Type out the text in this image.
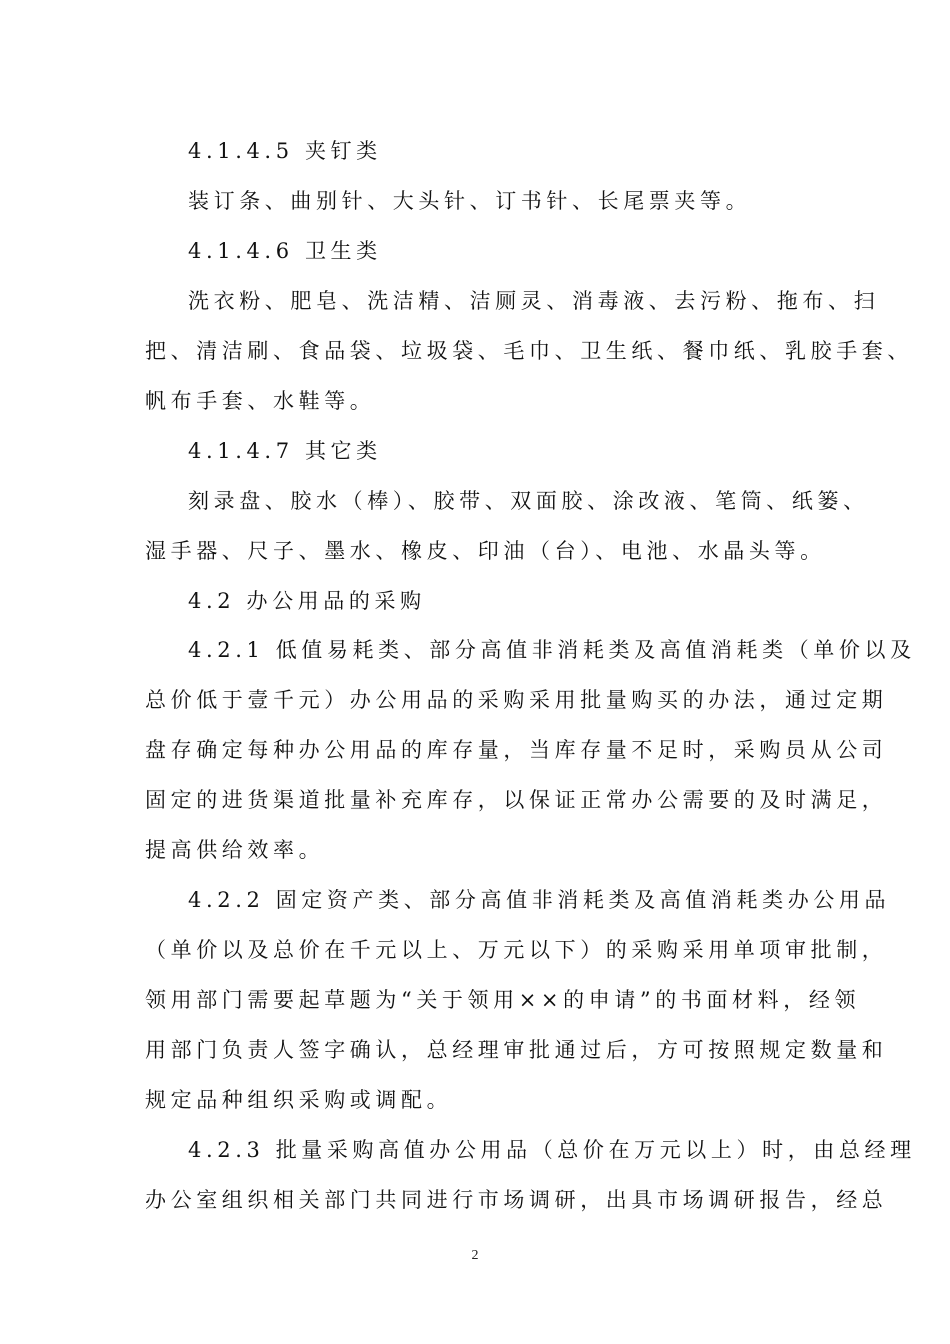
4.1.4.5 夹钉类
装订条、曲别针、大头针、订书针、长尾票夹等。
4.1.4.6 卫生类
洗衣粉、肥皂、洗洁精、洁厕灵、消毒液、去污粉、拖布、扫
把、清洁刷、食品袋、垃圾袋、毛巾、卫生纸、餐巾纸、乳胶手套、
帆布手套、水鞋等。
4.1.4.7 其它类
刻录盘、胶水（棒）、胶带、双面胶、涂改液、笔筒、纸篓、
湿手器、尺子、墨水、橡皮、印油（台）、电池、水晶头等。
4.2 办公用品的采购
4.2.1 低值易耗类、部分高值非消耗类及高值消耗类（单价以及
总价低于壹千元）办公用品的采购采用批量购买的办法，通过定期
盘存确定每种办公用品的库存量，当库存量不足时，采购员从公司
固定的进货渠道批量补充库存，以保证正常办公需要的及时满足，
提高供给效率。
4.2.2 固定资产类、部分高值非消耗类及高值消耗类办公用品
（单价以及总价在千元以上、万元以下）的采购采用单项审批制，
领用部门需要起草题为“关于领用××的申请”的书面材料，经领
用部门负责人签字确认，总经理审批通过后，方可按照规定数量和
规定品种组织采购或调配。
4.2.3 批量采购高值办公用品（总价在万元以上）时，由总经理
办公室组织相关部门共同进行市场调研，出具市场调研报告，经总
2
